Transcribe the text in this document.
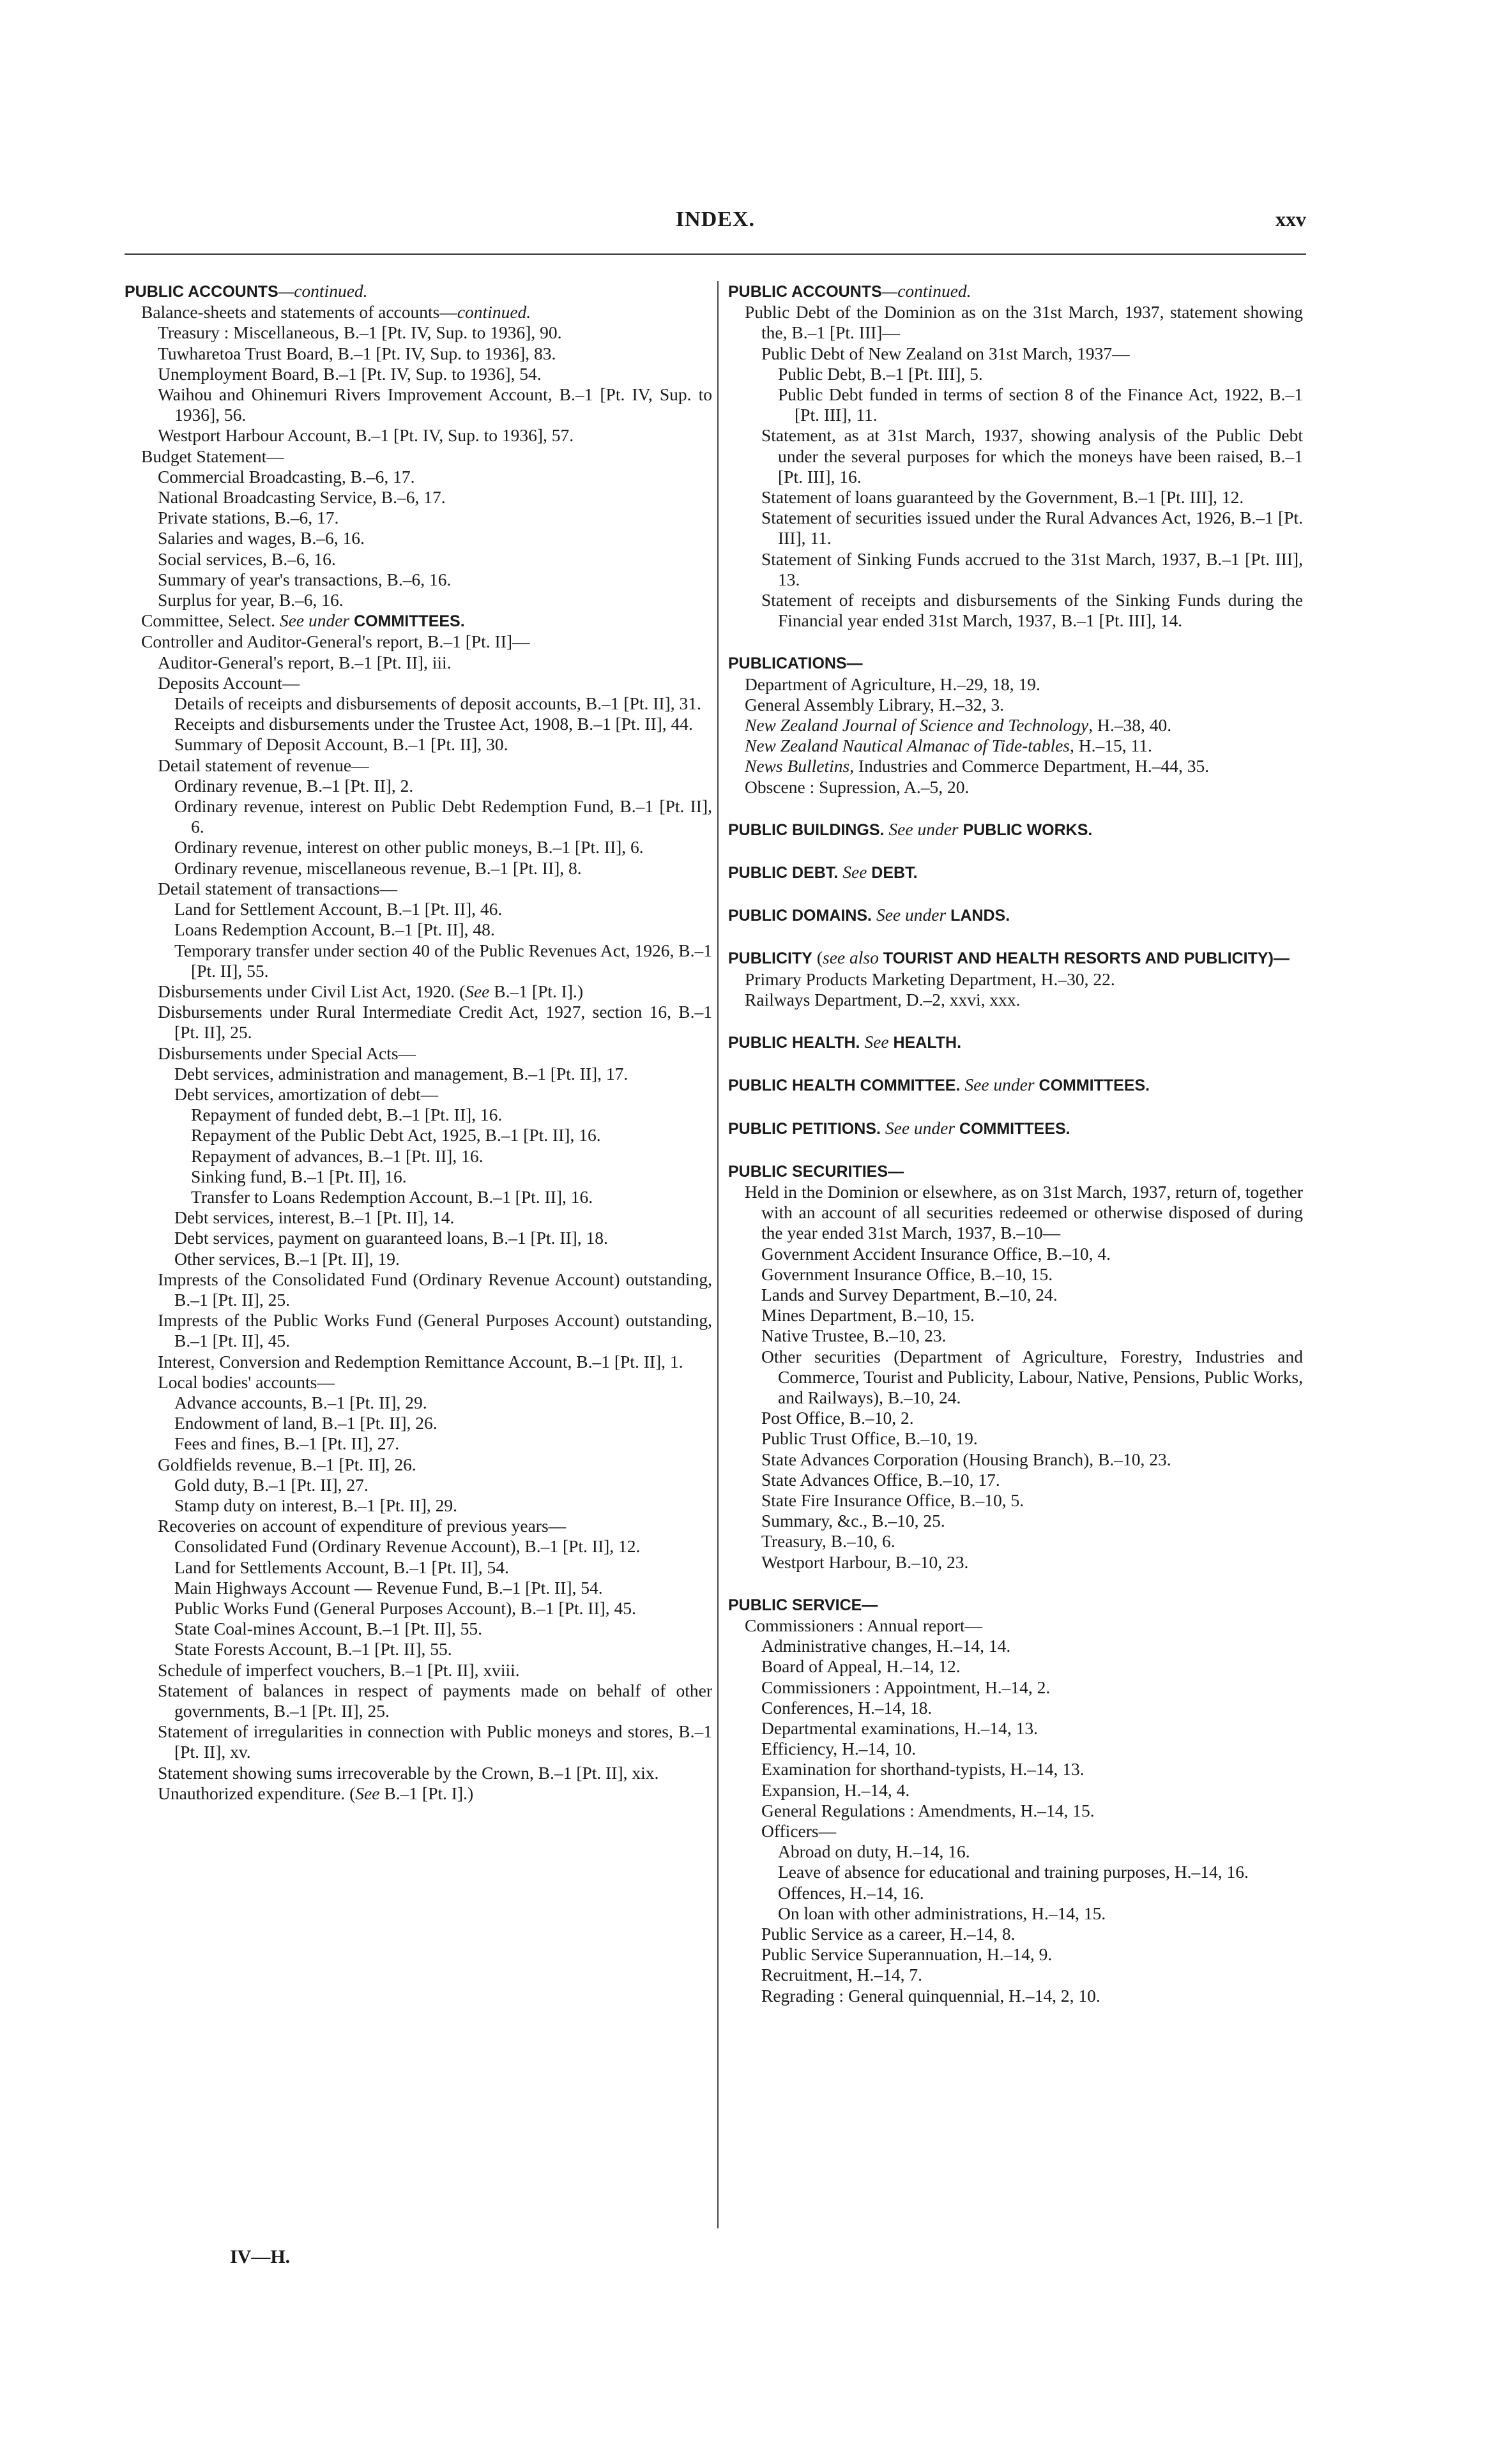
INDEX.	xxv

PUBLIC ACCOUNTS—continued.

Balance-sheets and statements of accounts—continued.

Treasury : Miscellaneous, B.–1 [Pt. IV, Sup. to 1936], 90.

Tuwharetoa Trust Board, B.–1 [Pt. IV, Sup. to 1936], 83.

Unemployment Board, B.–1 [Pt. IV, Sup. to 1936], 54.

Waihou and Ohinemuri Rivers Improvement Account, B.–1 [Pt. IV, Sup. to 1936], 56.

Westport Harbour Account, B.–1 [Pt. IV, Sup. to 1936], 57.

Budget Statement—

Commercial Broadcasting, B.–6, 17.

National Broadcasting Service, B.–6, 17.

Private stations, B.–6, 17.

Salaries and wages, B.–6, 16.

Social services, B.–6, 16.

Summary of year's transactions, B.–6, 16.

Surplus for year, B.–6, 16.

Committee, Select. See under COMMITTEES.

Controller and Auditor-General's report, B.–1 [Pt. II]—

Auditor-General's report, B.–1 [Pt. II], iii.

Deposits Account—

Details of receipts and disbursements of deposit accounts, B.–1 [Pt. II], 31.

Receipts and disbursements under the Trustee Act, 1908, B.–1 [Pt. II], 44.

Summary of Deposit Account, B.–1 [Pt. II], 30.

Detail statement of revenue—

Ordinary revenue, B.–1 [Pt. II], 2.

Ordinary revenue, interest on Public Debt Redemption Fund, B.–1 [Pt. II], 6.

Ordinary revenue, interest on other public moneys, B.–1 [Pt. II], 6.

Ordinary revenue, miscellaneous revenue, B.–1 [Pt. II], 8.

Detail statement of transactions—

Land for Settlement Account, B.–1 [Pt. II], 46.

Loans Redemption Account, B.–1 [Pt. II], 48.

Temporary transfer under section 40 of the Public Revenues Act, 1926, B.–1 [Pt. II], 55.

Disbursements under Civil List Act, 1920. (See B.–1 [Pt. I].)

Disbursements under Rural Intermediate Credit Act, 1927, section 16, B.–1 [Pt. II], 25.

Disbursements under Special Acts—

Debt services, administration and management, B.–1 [Pt. II], 17.

Debt services, amortization of debt—

Repayment of funded debt, B.–1 [Pt. II], 16.

Repayment of the Public Debt Act, 1925, B.–1 [Pt. II], 16.

Repayment of advances, B.–1 [Pt. II], 16.

Sinking fund, B.–1 [Pt. II], 16.

Transfer to Loans Redemption Account, B.–1 [Pt. II], 16.

Debt services, interest, B.–1 [Pt. II], 14.

Debt services, payment on guaranteed loans, B.–1 [Pt. II], 18.

Other services, B.–1 [Pt. II], 19.

Imprests of the Consolidated Fund (Ordinary Revenue Account) outstanding, B.–1 [Pt. II], 25.

Imprests of the Public Works Fund (General Purposes Account) outstanding, B.–1 [Pt. II], 45.

Interest, Conversion and Redemption Remittance Account, B.–1 [Pt. II], 1.

Local bodies' accounts—

Advance accounts, B.–1 [Pt. II], 29.

Endowment of land, B.–1 [Pt. II], 26.

Fees and fines, B.–1 [Pt. II], 27.

Goldfields revenue, B.–1 [Pt. II], 26.

Gold duty, B.–1 [Pt. II], 27.

Stamp duty on interest, B.–1 [Pt. II], 29.

Recoveries on account of expenditure of previous years—

Consolidated Fund (Ordinary Revenue Account), B.–1 [Pt. II], 12.

Land for Settlements Account, B.–1 [Pt. II], 54.

Main Highways Account — Revenue Fund, B.–1 [Pt. II], 54.

Public Works Fund (General Purposes Account), B.–1 [Pt. II], 45.

State Coal-mines Account, B.–1 [Pt. II], 55.

State Forests Account, B.–1 [Pt. II], 55.

Schedule of imperfect vouchers, B.–1 [Pt. II], xviii.

Statement of balances in respect of payments made on behalf of other governments, B.–1 [Pt. II], 25.

Statement of irregularities in connection with Public moneys and stores, B.–1 [Pt. II], xv.

Statement showing sums irrecoverable by the Crown, B.–1 [Pt. II], xix.

Unauthorized expenditure. (See B.–1 [Pt. I].)

PUBLIC ACCOUNTS—continued.

Public Debt of the Dominion as on the 31st March, 1937, statement showing the, B.–1 [Pt. III]—

Public Debt of New Zealand on 31st March, 1937—

Public Debt, B.–1 [Pt. III], 5.

Public Debt funded in terms of section 8 of the Finance Act, 1922, B.–1 [Pt. III], 11.

Statement, as at 31st March, 1937, showing analysis of the Public Debt under the several purposes for which the moneys have been raised, B.–1 [Pt. III], 16.

Statement of loans guaranteed by the Government, B.–1 [Pt. III], 12.

Statement of securities issued under the Rural Advances Act, 1926, B.–1 [Pt. III], 11.

Statement of Sinking Funds accrued to the 31st March, 1937, B.–1 [Pt. III], 13.

Statement of receipts and disbursements of the Sinking Funds during the Financial year ended 31st March, 1937, B.–1 [Pt. III], 14.

PUBLICATIONS—

Department of Agriculture, H.–29, 18, 19.

General Assembly Library, H.–32, 3.

New Zealand Journal of Science and Technology, H.–38, 40.

New Zealand Nautical Almanac of Tide-tables, H.–15, 11.

News Bulletins, Industries and Commerce Department, H.–44, 35.

Obscene : Supression, A.–5, 20.

PUBLIC BUILDINGS. See under PUBLIC WORKS.

PUBLIC DEBT. See DEBT.

PUBLIC DOMAINS. See under LANDS.

PUBLICITY (see also TOURIST AND HEALTH RESORTS AND PUBLICITY)—

Primary Products Marketing Department, H.–30, 22.

Railways Department, D.–2, xxvi, xxx.

PUBLIC HEALTH. See HEALTH.

PUBLIC HEALTH COMMITTEE. See under COMMITTEES.

PUBLIC PETITIONS. See under COMMITTEES.

PUBLIC SECURITIES—

Held in the Dominion or elsewhere, as on 31st March, 1937, return of, together with an account of all securities redeemed or otherwise disposed of during the year ended 31st March, 1937, B.–10—

Government Accident Insurance Office, B.–10, 4.

Government Insurance Office, B.–10, 15.

Lands and Survey Department, B.–10, 24.

Mines Department, B.–10, 15.

Native Trustee, B.–10, 23.

Other securities (Department of Agriculture, Forestry, Industries and Commerce, Tourist and Publicity, Labour, Native, Pensions, Public Works, and Railways), B.–10, 24.

Post Office, B.–10, 2.

Public Trust Office, B.–10, 19.

State Advances Corporation (Housing Branch), B.–10, 23.

State Advances Office, B.–10, 17.

State Fire Insurance Office, B.–10, 5.

Summary, &c., B.–10, 25.

Treasury, B.–10, 6.

Westport Harbour, B.–10, 23.

PUBLIC SERVICE—

Commissioners : Annual report—

Administrative changes, H.–14, 14.

Board of Appeal, H.–14, 12.

Commissioners : Appointment, H.–14, 2.

Conferences, H.–14, 18.

Departmental examinations, H.–14, 13.

Efficiency, H.–14, 10.

Examination for shorthand-typists, H.–14, 13.

Expansion, H.–14, 4.

General Regulations : Amendments, H.–14, 15.

Officers—

Abroad on duty, H.–14, 16.

Leave of absence for educational and training purposes, H.–14, 16.

Offences, H.–14, 16.

On loan with other administrations, H.–14, 15.

Public Service as a career, H.–14, 8.

Public Service Superannuation, H.–14, 9.

Recruitment, H.–14, 7.

Regrading : General quinquennial, H.–14, 2, 10.

IV—H.
